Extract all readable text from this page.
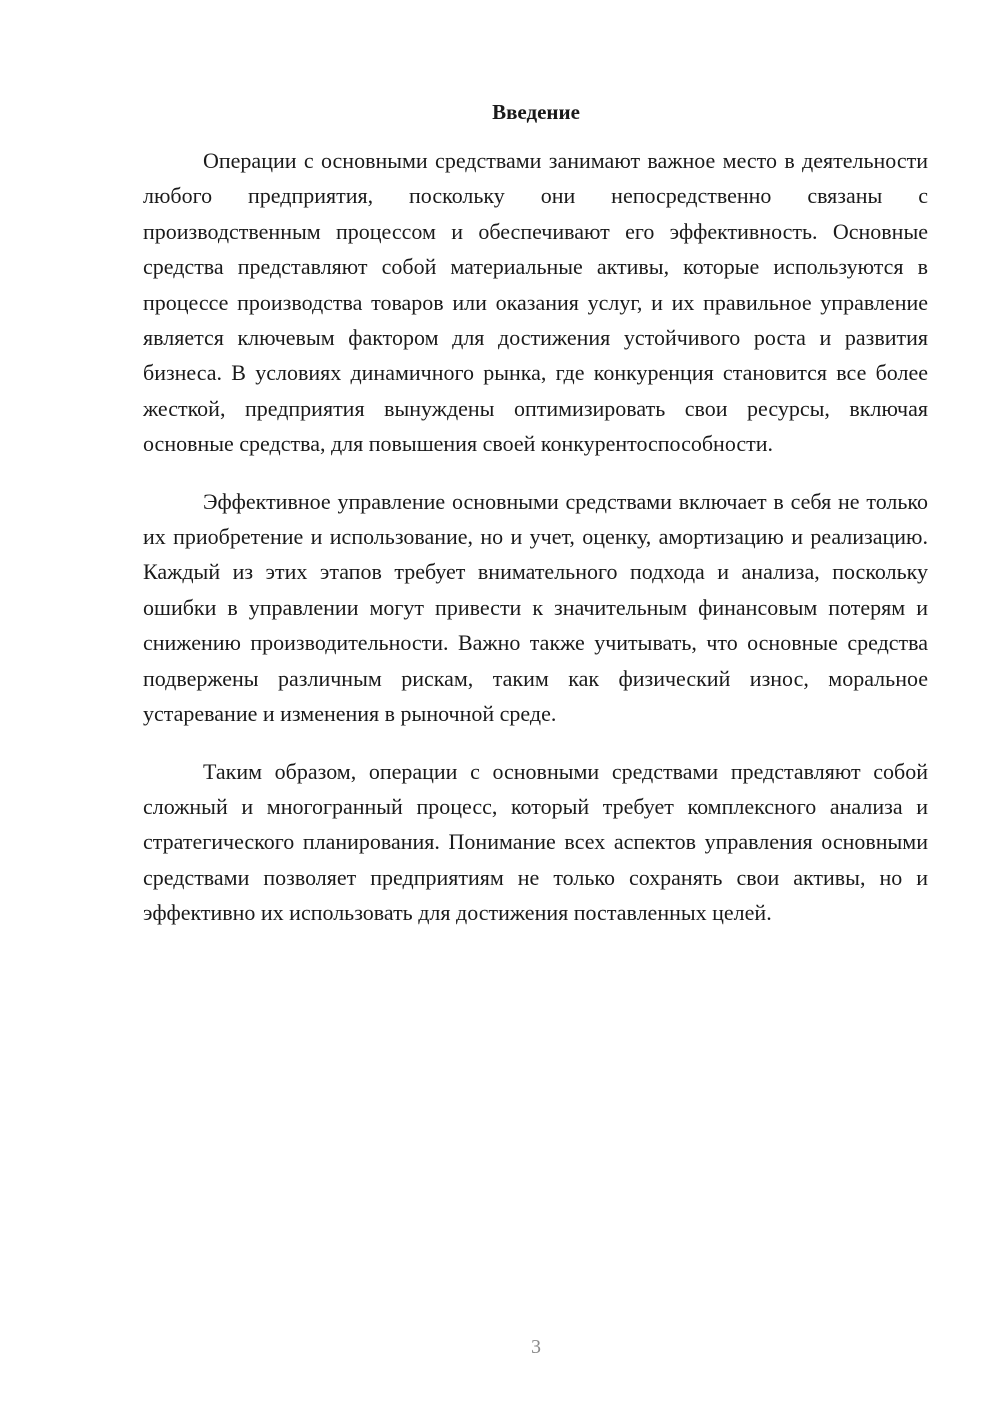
Введение

Операции с основными средствами занимают важное место в деятельности любого предприятия, поскольку они непосредственно связаны с производственным процессом и обеспечивают его эффективность. Основные средства представляют собой материальные активы, которые используются в процессе производства товаров или оказания услуг, и их правильное управление является ключевым фактором для достижения устойчивого роста и развития бизнеса. В условиях динамичного рынка, где конкуренция становится все более жесткой, предприятия вынуждены оптимизировать свои ресурсы, включая основные средства, для повышения своей конкурентоспособности.

Эффективное управление основными средствами включает в себя не только их приобретение и использование, но и учет, оценку, амортизацию и реализацию. Каждый из этих этапов требует внимательного подхода и анализа, поскольку ошибки в управлении могут привести к значительным финансовым потерям и снижению производительности. Важно также учитывать, что основные средства подвержены различным рискам, таким как физический износ, моральное устаревание и изменения в рыночной среде.

Таким образом, операции с основными средствами представляют собой сложный и многогранный процесс, который требует комплексного анализа и стратегического планирования. Понимание всех аспектов управления основными средствами позволяет предприятиям не только сохранять свои активы, но и эффективно их использовать для достижения поставленных целей.

3
